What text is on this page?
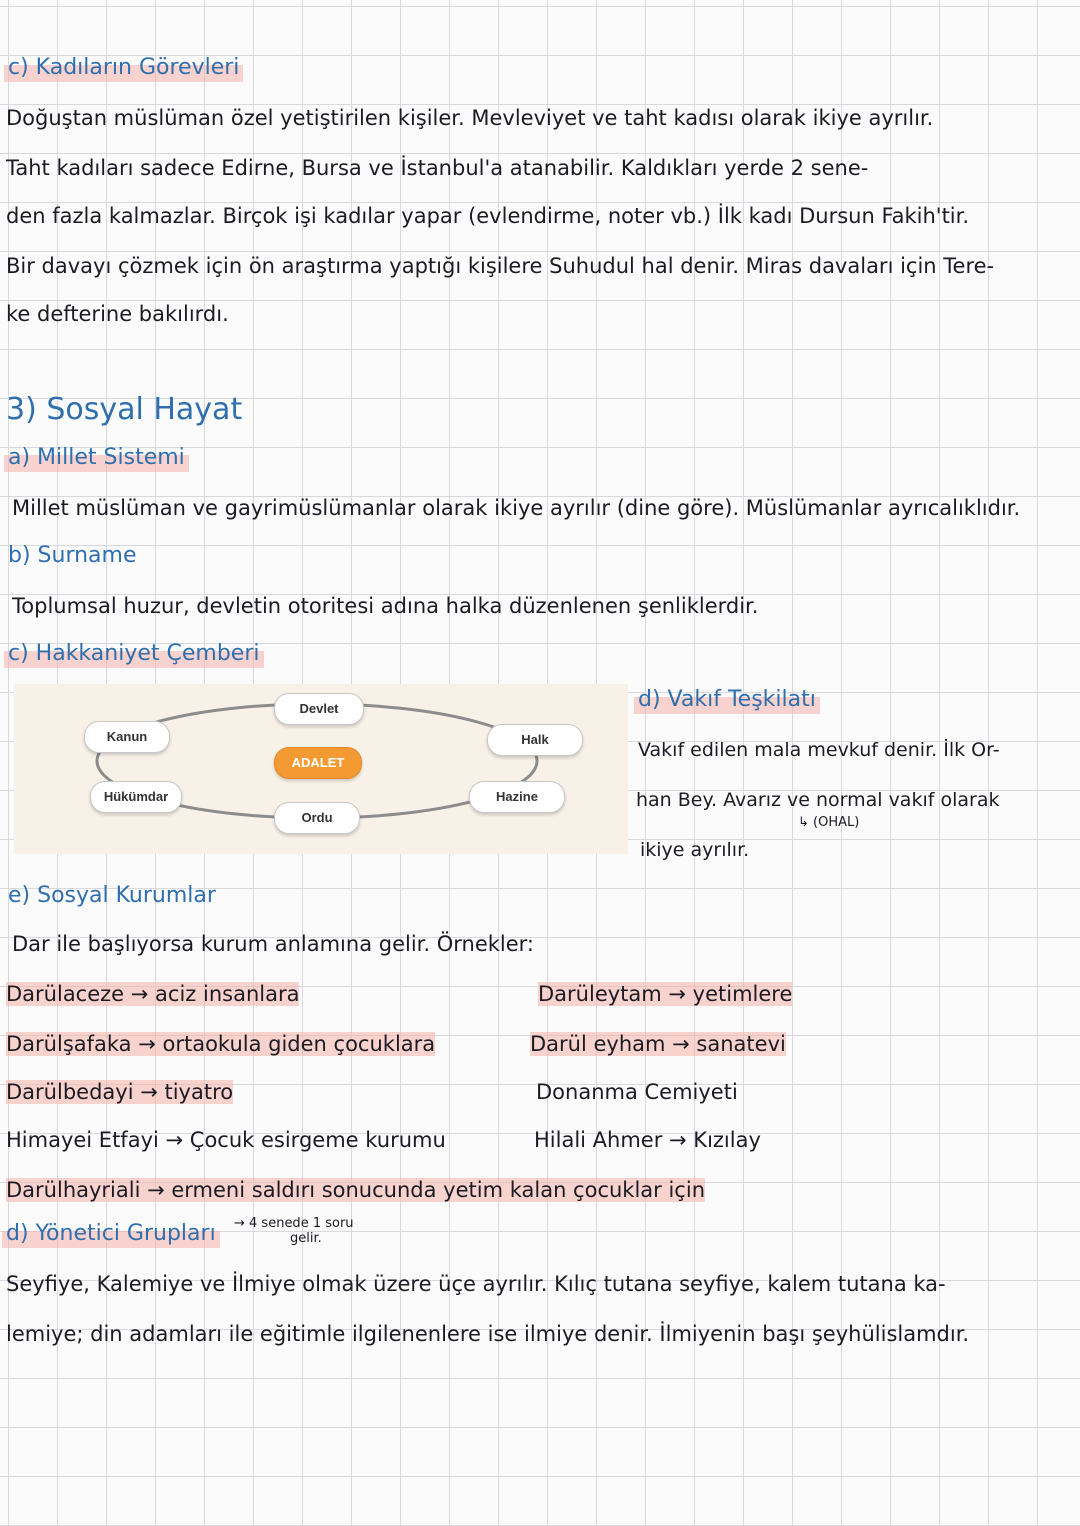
c) Kadıların Görevleri
Doğuştan müslüman özel yetiştirilen kişiler. Mevleviyet ve taht kadısı olarak ikiye ayrılır.
Taht kadıları sadece Edirne, Bursa ve İstanbul'a atanabilir. Kaldıkları yerde 2 sene-
den fazla kalmazlar. Birçok işi kadılar yapar (evlendirme, noter vb.) İlk kadı Dursun Fakih'tir.
Bir davayı çözmek için ön araştırma yaptığı kişilere Suhudul hal denir. Miras davaları için Tere-
ke defterine bakılırdı.
3) Sosyal Hayat
a) Millet Sistemi
Millet müslüman ve gayrimüslümanlar olarak ikiye ayrılır (dine göre). Müslümanlar ayrıcalıklıdır.
b) Surname
Toplumsal huzur, devletin otoritesi adına halka düzenlenen şenliklerdir.
c) Hakkaniyet Çemberi
Devlet
Kanun	Halk
ADALET
Hükümdar	Hazine
Ordu
d) Vakıf Teşkilatı
Vakıf edilen mala mevkuf denir. İlk Or-
han Bey. Avarız ve normal vakıf olarak
↳ (OHAL)
ikiye ayrılır.
e) Sosyal Kurumlar
Dar ile başlıyorsa kurum anlamına gelir. Örnekler:
Darülaceze → aciz insanlara
Darülşafaka → ortaokula giden çocuklara
Darülbedayi → tiyatro
Himayei Etfayi → Çocuk esirgeme kurumu
Darülhayriali → ermeni saldırı sonucunda yetim kalan çocuklar için
Darüleytam → yetimlere
Darül eyham → sanatevi
Donanma Cemiyeti
Hilali Ahmer → Kızılay
d) Yönetici Grupları	→ 4 senede 1 soru
gelir.
Seyfiye, Kalemiye ve İlmiye olmak üzere üçe ayrılır. Kılıç tutana seyfiye, kalem tutana ka-
lemiye; din adamları ile eğitimle ilgilenenlere ise ilmiye denir. İlmiyenin başı şeyhülislamdır.
